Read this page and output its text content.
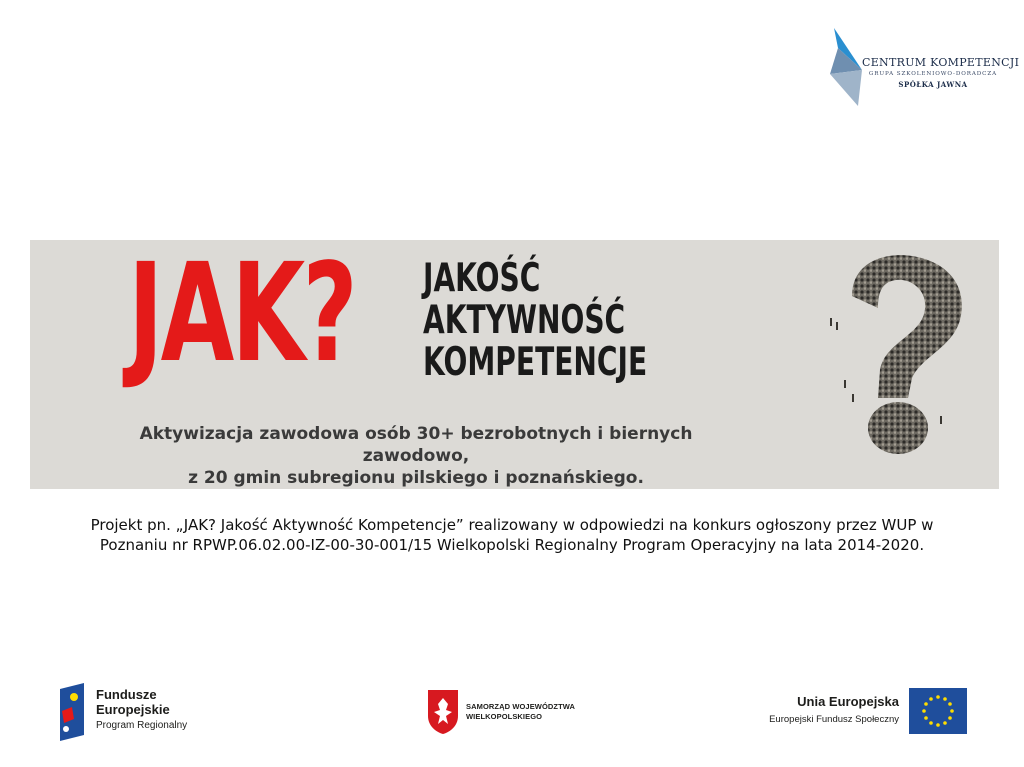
CENTRUM KOMPETENCJI
GRUPA SZKOLENIOWO-DORADCZA
SPÓŁKA JAWNA
JAK? JAKOŚĆ
AKTYWNOŚĆ
KOMPETENCJE
Aktywizacja zawodowa osób 30+ bezrobotnych i biernych zawodowo,
z 20 gmin subregionu pilskiego i poznańskiego.
Projekt pn. „JAK? Jakość Aktywność Kompetencje” realizowany w odpowiedzi na konkurs ogłoszony przez WUP w
Poznaniu nr RPWP.06.02.00-IZ-00-30-001/15 Wielkopolski Regionalny Program Operacyjny na lata 2014-2020.
Fundusze
Europejskie
Program Regionalny
SAMORZĄD WOJEWÓDZTWA
WIELKOPOLSKIEGO
Unia Europejska
Europejski Fundusz Społeczny
